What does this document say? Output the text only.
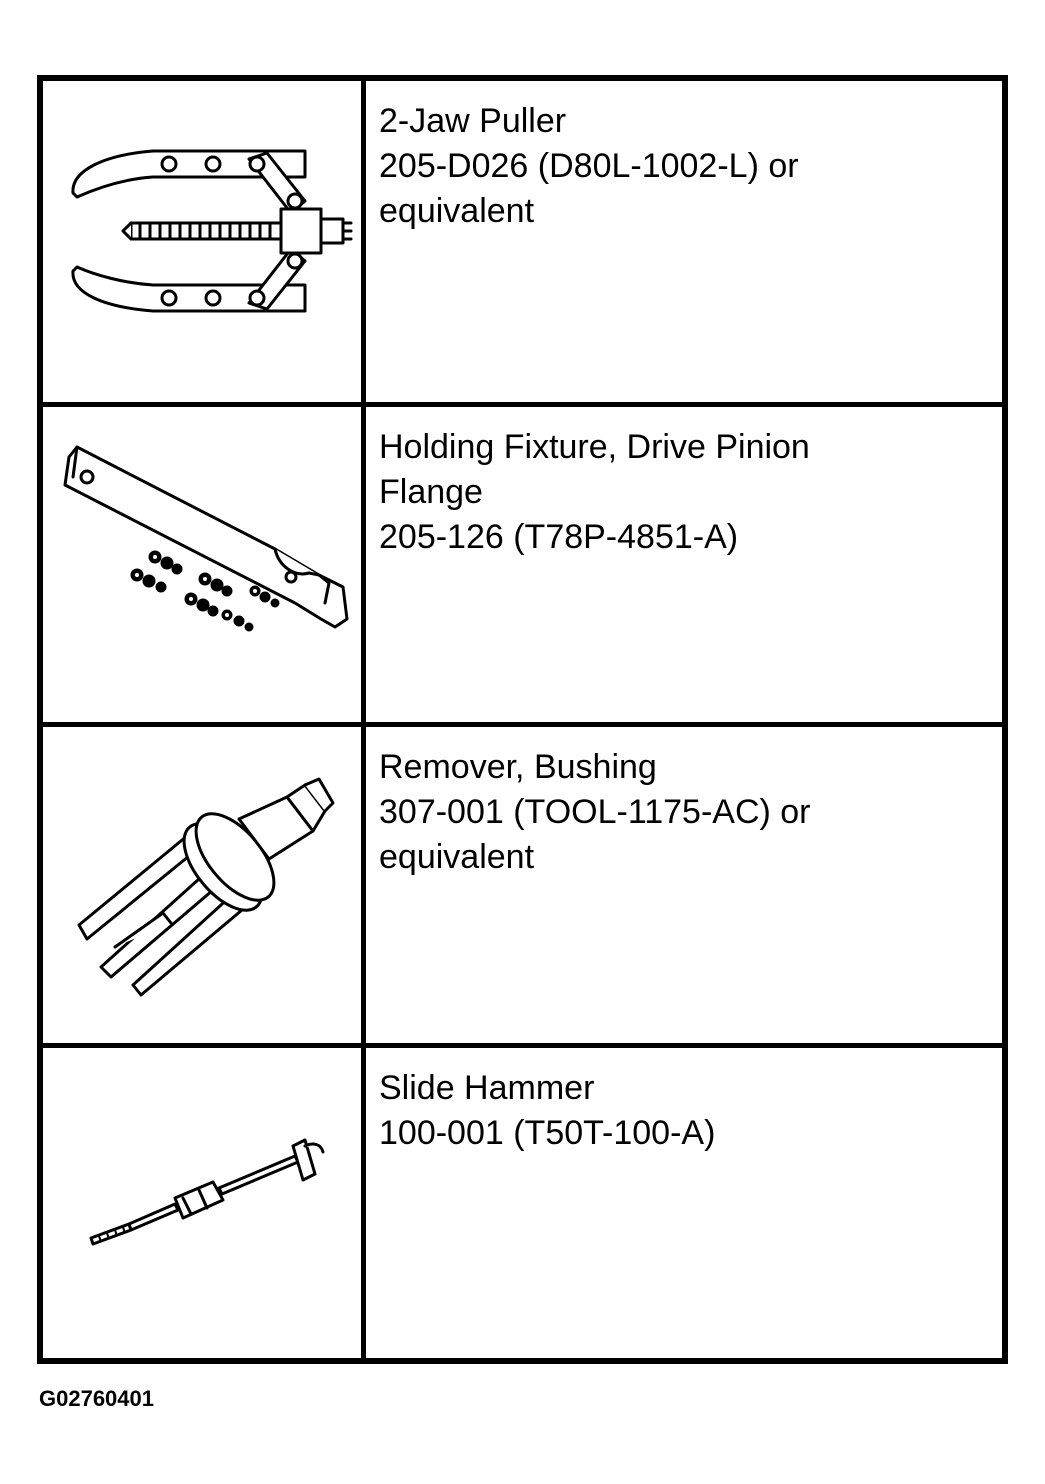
2-Jaw Puller
205-D026 (D80L-1002-L) or
equivalent
Holding Fixture, Drive Pinion
Flange
205-126 (T78P-4851-A)
Remover, Bushing
307-001 (TOOL-1175-AC) or
equivalent
Slide Hammer
100-001 (T50T-100-A)
G02760401
